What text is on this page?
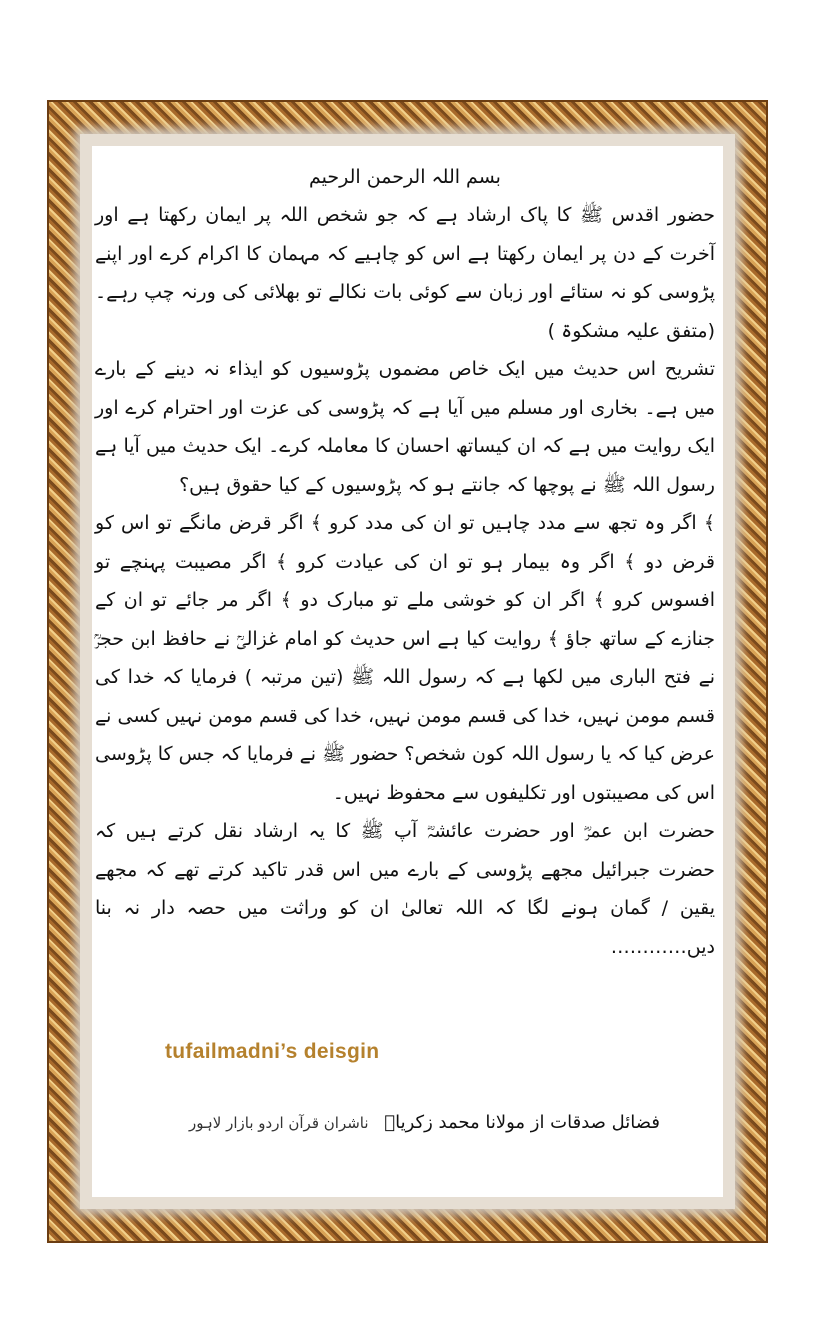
بسم اللہ الرحمن الرحیم

حضور اقدس ﷺ کا پاک ارشاد ہے کہ جو شخص اللہ پر ایمان رکھتا ہے اور آخرت کے دن پر ایمان رکھتا ہے اس کو چاہیے کہ مہمان کا اکرام کرے اور اپنے پڑوسی کو نہ ستائے اور زبان سے کوئی بات نکالے تو بھلائی کی ورنہ چپ رہے۔ (متفق علیہ مشکوۃ )

تشریح اس حدیث میں ایک خاص مضموں پڑوسیوں کو ایذاء نہ دینے کے بارے میں ہے۔ بخاری اور مسلم میں آیا ہے کہ پڑوسی کی عزت اور احترام کرے اور ایک روایت میں ہے کہ ان کیساتھ احسان کا معاملہ کرے۔ ایک حدیث میں آیا ہے رسول اللہ ﷺ نے پوچھا کہ جانتے ہو کہ پڑوسیوں کے کیا حقوق ہیں؟

﴾ اگر وہ تجھ سے مدد چاہیں تو ان کی مدد کرو ﴾ اگر قرض مانگے تو اس کو قرض دو ﴾ اگر وہ بیمار ہو تو ان کی عیادت کرو ﴾ اگر مصیبت پہنچے تو افسوس کرو ﴾ اگر ان کو خوشی ملے تو مبارک دو ﴾ اگر مر جائے تو ان کے جنازے کے ساتھ جاؤ ﴾ روایت کیا ہے اس حدیث کو امام غزالیؒ نے حافظ ابن حجرؒ نے فتح الباری میں لکھا ہے کہ رسول اللہ ﷺ (تین مرتبہ ) فرمایا کہ خدا کی قسم مومن نہیں، خدا کی قسم مومن نہیں، خدا کی قسم مومن نہیں کسی نے عرض کیا کہ یا رسول اللہ کون شخص؟ حضور ﷺ نے فرمایا کہ جس کا پڑوسی اس کی مصیبتوں اور تکلیفوں سے محفوظ نہیں۔

حضرت ابن عمرؓ اور حضرت عائشہؓ آپ ﷺ کا یہ ارشاد نقل کرتے ہیں کہ حضرت جبرائیل مجھے پڑوسی کے بارے میں اس قدر تاکید کرتے تھے کہ مجھے یقین / گمان ہونے لگا کہ اللہ تعالیٰ ان کو وراثت میں حصہ دار نہ بنا دیں…………

tufailmadni’s deisgin
فضائل صدقات از مولانا محمد زکریاؒ ناشران قرآن اردو بازار لاہور
